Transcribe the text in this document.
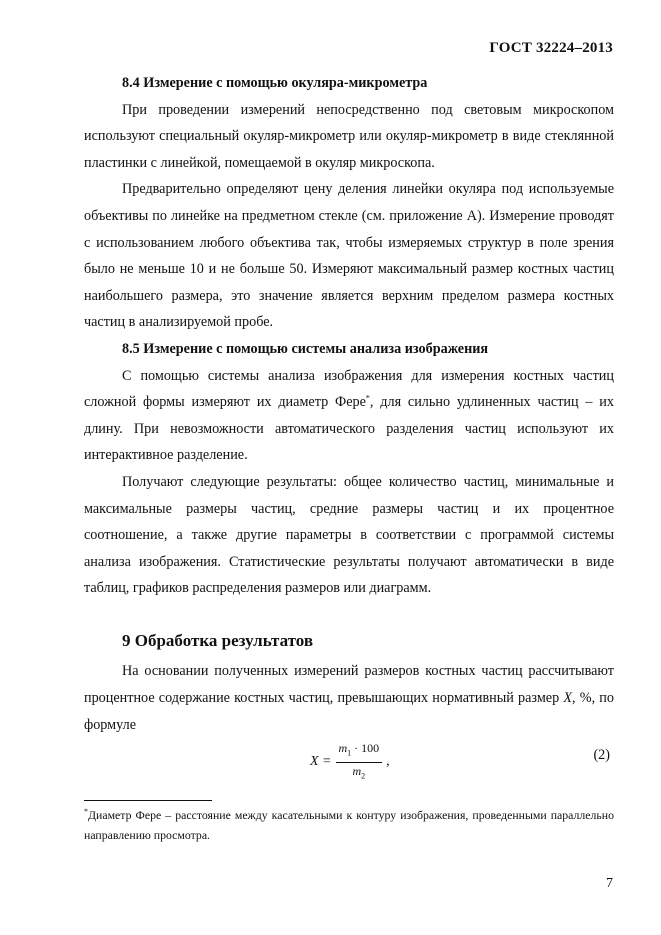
ГОСТ 32224–2013

8.4 Измерение с помощью окуляра-микрометра

При проведении измерений непосредственно под световым микроскопом используют специальный окуляр-микрометр или окуляр-микрометр в виде стеклянной пластинки с линейкой, помещаемой в окуляр микроскопа.

Предварительно определяют цену деления линейки окуляра под используемые объективы по линейке на предметном стекле (см. приложение А). Измерение проводят с использованием любого объектива так, чтобы измеряемых структур в поле зрения было не меньше 10 и не больше 50. Измеряют максимальный размер костных частиц наибольшего размера, это значение является верхним пределом размера костных частиц в анализируемой пробе.

8.5 Измерение с помощью системы анализа изображения

С помощью системы анализа изображения для измерения костных частиц сложной формы измеряют их диаметр Ферe*, для сильно удлиненных частиц – их длину. При невозможности автоматического разделения частиц используют их интерактивное разделение.

Получают следующие результаты: общее количество частиц, минимальные и максимальные размеры частиц, средние размеры частиц и их процентное соотношение, а также другие параметры в соответствии с программой системы анализа изображения. Статистические результаты получают автоматически в виде таблиц, графиков распределения размеров или диаграмм.

9 Обработка результатов

На основании полученных измерений размеров костных частиц рассчитывают процентное содержание костных частиц, превышающих нормативный размер X, %, по формуле

$X = \frac{m_1 \cdot 100}{m_2}$ ,	(2)
*Диаметр Фере – расстояние между касательными к контуру изображения, проведенными параллельно направлению просмотра.
7
